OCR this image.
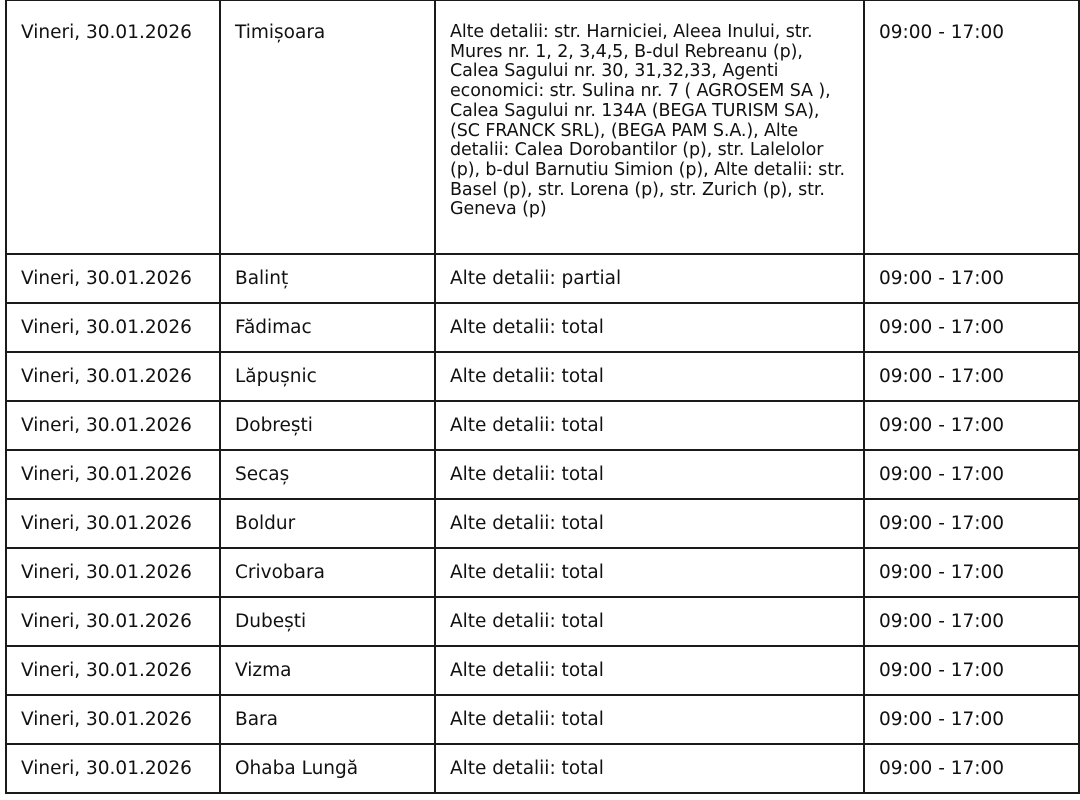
Vineri, 30.01.2026	Timișoara	Alte detalii: str. Harniciei, Aleea Inului, str. Mures nr. 1, 2, 3,4,5, B-dul Rebreanu (p), Calea Sagului nr. 30, 31,32,33, Agenti economici: str. Sulina nr. 7 ( AGROSEM SA ), Calea Sagului nr. 134A (BEGA TURISM SA), (SC FRANCK SRL), (BEGA PAM S.A.), Alte detalii: Calea Dorobantilor (p), str. Lalelolor (p), b-dul Barnutiu Simion (p), Alte detalii: str. Basel (p), str. Lorena (p), str. Zurich (p), str. Geneva (p)	09:00 - 17:00
Vineri, 30.01.2026	Balinț	Alte detalii: partial	09:00 - 17:00
Vineri, 30.01.2026	Fădimac	Alte detalii: total	09:00 - 17:00
Vineri, 30.01.2026	Lăpușnic	Alte detalii: total	09:00 - 17:00
Vineri, 30.01.2026	Dobrești	Alte detalii: total	09:00 - 17:00
Vineri, 30.01.2026	Secaș	Alte detalii: total	09:00 - 17:00
Vineri, 30.01.2026	Boldur	Alte detalii: total	09:00 - 17:00
Vineri, 30.01.2026	Crivobara	Alte detalii: total	09:00 - 17:00
Vineri, 30.01.2026	Dubești	Alte detalii: total	09:00 - 17:00
Vineri, 30.01.2026	Vizma	Alte detalii: total	09:00 - 17:00
Vineri, 30.01.2026	Bara	Alte detalii: total	09:00 - 17:00
Vineri, 30.01.2026	Ohaba Lungă	Alte detalii: total	09:00 - 17:00
